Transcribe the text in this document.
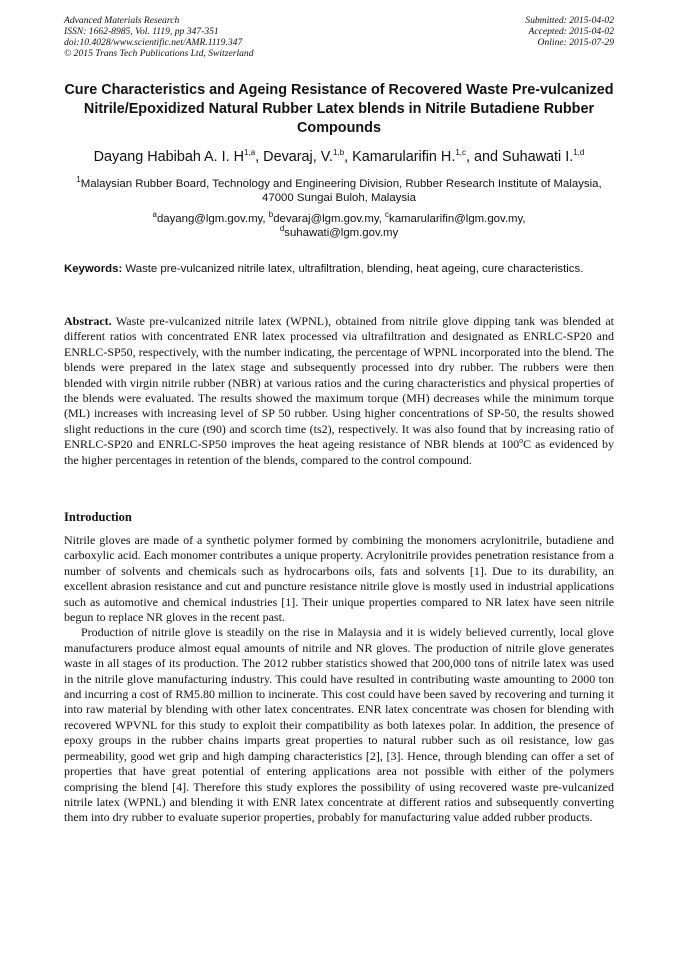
Advanced Materials Research
ISSN: 1662-8985, Vol. 1119, pp 347-351
doi:10.4028/www.scientific.net/AMR.1119.347
© 2015 Trans Tech Publications Ltd, Switzerland
Submitted: 2015-04-02
Accepted: 2015-04-02
Online: 2015-07-29
Cure Characteristics and Ageing Resistance of Recovered Waste Pre-vulcanized Nitrile/Epoxidized Natural Rubber Latex blends in Nitrile Butadiene Rubber Compounds
Dayang Habibah A. I. H$^{1,a}$, Devaraj, V.$^{1,b}$, Kamarularifin H.$^{1,c}$, and Suhawati I.$^{1,d}$
$^1$Malaysian Rubber Board, Technology and Engineering Division, Rubber Research Institute of Malaysia, 47000 Sungai Buloh, Malaysia
$^a$dayang@lgm.gov.my, $^b$devaraj@lgm.gov.my, $^c$kamarularifin@lgm.gov.my,
$^d$suhawati@lgm.gov.my
Keywords: Waste pre-vulcanized nitrile latex, ultrafiltration, blending, heat ageing, cure characteristics.
Abstract. Waste pre-vulcanized nitrile latex (WPNL), obtained from nitrile glove dipping tank was blended at different ratios with concentrated ENR latex processed via ultrafiltration and designated as ENRLC-SP20 and ENRLC-SP50, respectively, with the number indicating, the percentage of WPNL incorporated into the blend. The blends were prepared in the latex stage and subsequently processed into dry rubber. The rubbers were then blended with virgin nitrile rubber (NBR) at various ratios and the curing characteristics and physical properties of the blends were evaluated. The results showed the maximum torque (MH) decreases while the minimum torque (ML) increases with increasing level of SP 50 rubber. Using higher concentrations of SP-50, the results showed slight reductions in the cure (t90) and scorch time (ts2), respectively. It was also found that by increasing ratio of ENRLC-SP20 and ENRLC-SP50 improves the heat ageing resistance of NBR blends at 100$^o$C as evidenced by the higher percentages in retention of the blends, compared to the control compound.
Introduction

Nitrile gloves are made of a synthetic polymer formed by combining the monomers acrylonitrile, butadiene and carboxylic acid. Each monomer contributes a unique property. Acrylonitrile provides penetration resistance from a number of solvents and chemicals such as hydrocarbons oils, fats and solvents [1]. Due to its durability, an excellent abrasion resistance and cut and puncture resistance nitrile glove is mostly used in industrial applications such as automotive and chemical industries [1]. Their unique properties compared to NR latex have seen nitrile begun to replace NR gloves in the recent past.

Production of nitrile glove is steadily on the rise in Malaysia and it is widely believed currently, local glove manufacturers produce almost equal amounts of nitrile and NR gloves. The production of nitrile glove generates waste in all stages of its production. The 2012 rubber statistics showed that 200,000 tons of nitrile latex was used in the nitrile glove manufacturing industry. This could have resulted in contributing waste amounting to 2000 ton and incurring a cost of RM5.80 million to incinerate. This cost could have been saved by recovering and turning it into raw material by blending with other latex concentrates. ENR latex concentrate was chosen for blending with recovered WPVNL for this study to exploit their compatibility as both latexes polar. In addition, the presence of epoxy groups in the rubber chains imparts great properties to natural rubber such as oil resistance, low gas permeability, good wet grip and high damping characteristics [2], [3]. Hence, through blending can offer a set of properties that have great potential of entering applications area not possible with either of the polymers comprising the blend [4]. Therefore this study explores the possibility of using recovered waste pre-vulcanized nitrile latex (WPNL) and blending it with ENR latex concentrate at different ratios and subsequently converting them into dry rubber to evaluate superior properties, probably for manufacturing value added rubber products.
